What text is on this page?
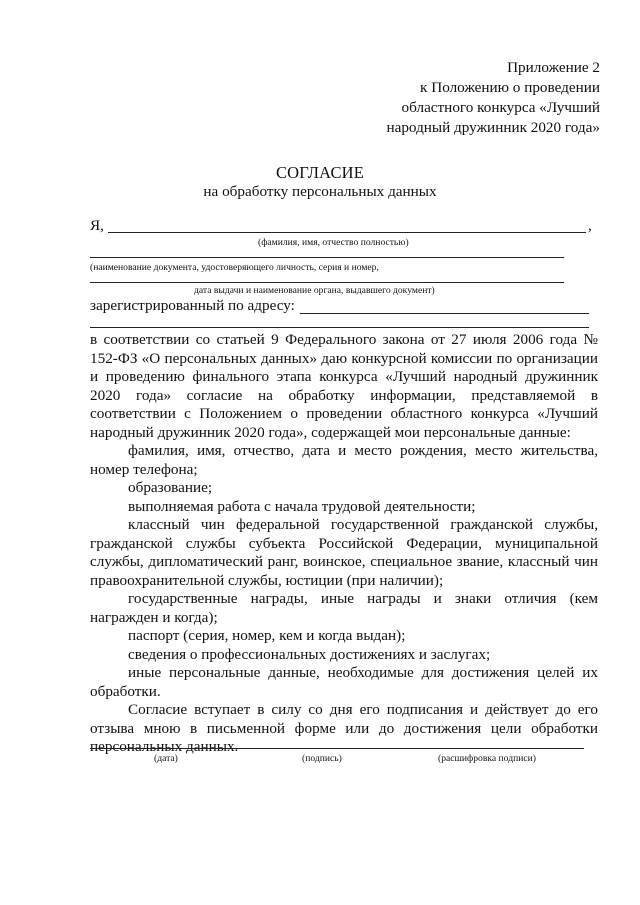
Приложение 2
к Положению о проведении
областного конкурса «Лучший
народный дружинник 2020 года»
СОГЛАСИЕ
на обработку персональных данных
Я,	,
(фамилия, имя, отчество полностью)
(наименование документа, удостоверяющего личность, серия и номер,
дата выдачи и наименование органа, выдавшего документ)
зарегистрированный по адресу:

в соответствии со статьей 9 Федерального закона от 27 июля 2006 года № 152-ФЗ «О персональных данных» даю конкурсной комиссии по организации и проведению финального этапа конкурса «Лучший народный дружинник 2020 года» согласие на обработку информации, представляемой в соответствии с Положением о проведении областного конкурса «Лучший народный дружинник 2020 года», содержащей мои персональные данные:

фамилия, имя, отчество, дата и место рождения, место жительства, номер телефона;

образование;

выполняемая работа с начала трудовой деятельности;

классный чин федеральной государственной гражданской службы, гражданской службы субъекта Российской Федерации, муниципальной службы, дипломатический ранг, воинское, специальное звание, классный чин правоохранительной службы, юстиции (при наличии);

государственные награды, иные награды и знаки отличия (кем награжден и когда);

паспорт (серия, номер, кем и когда выдан);

сведения о профессиональных достижениях и заслугах;

иные персональные данные, необходимые для достижения целей их обработки.

Согласие вступает в силу со дня его подписания и действует до его отзыва мною в письменной форме или до достижения цели обработки персональных данных.

(дата)	(подпись)	(расшифровка подписи)
